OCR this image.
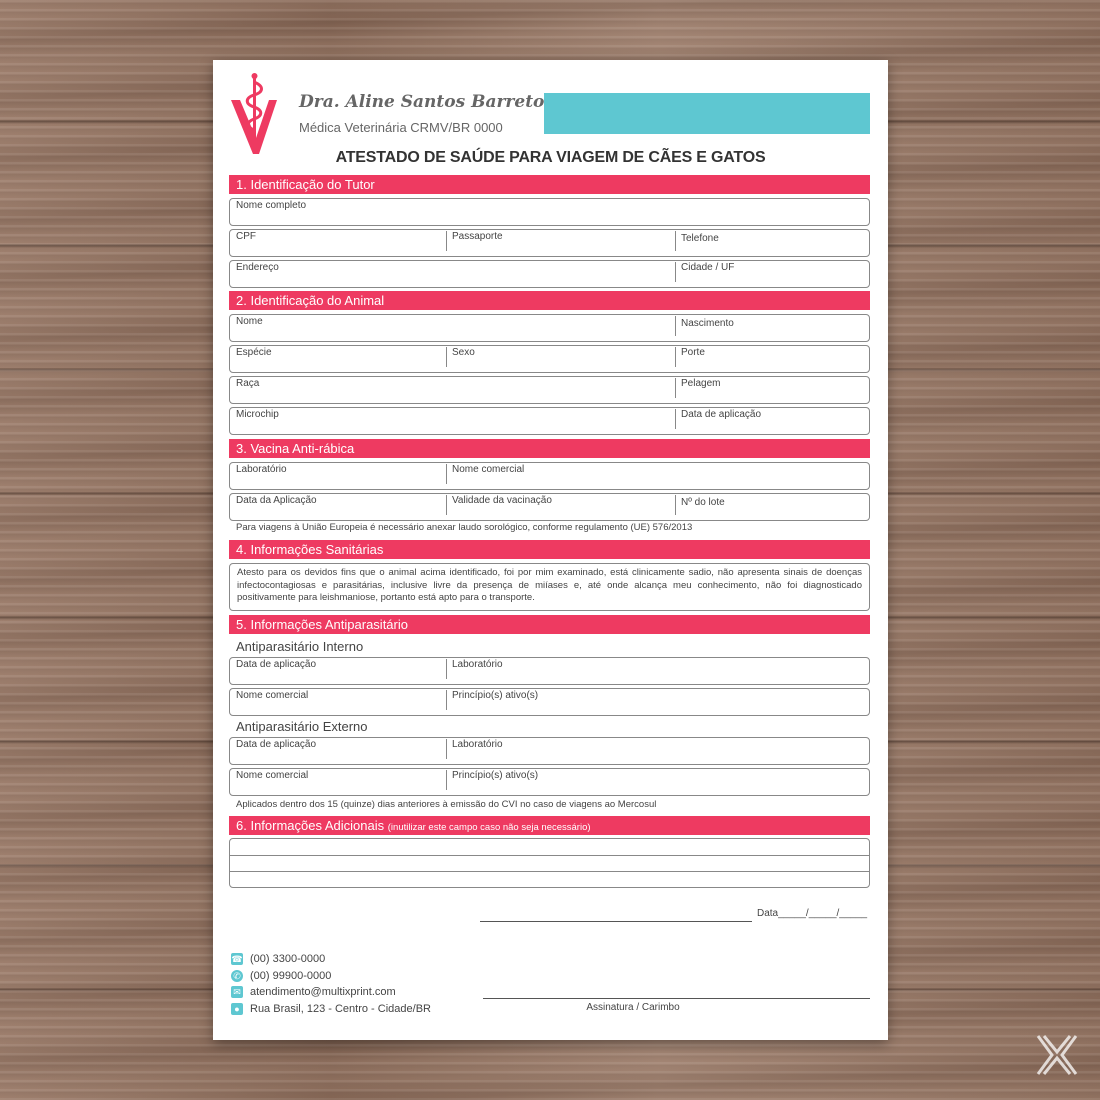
Dra. Aline Santos Barreto
Médica Veterinária CRMV/BR 0000
ATESTADO DE SAÚDE PARA VIAGEM DE CÃES E GATOS
1. Identificação do Tutor
Nome completo
CPF	Passaporte	Telefone
Endereço	Cidade / UF
2. Identificação do Animal
Nome	Nascimento
Espécie	Sexo	Porte
Raça	Pelagem
Microchip	Data de aplicação
3. Vacina Anti-rábica
Laboratório	Nome comercial
Data da Aplicação	Validade da vacinação	Nº do lote
Para viagens à União Europeia é necessário anexar laudo sorológico, conforme regulamento (UE) 576/2013
4. Informações Sanitárias
Atesto para os devidos fins que o animal acima identificado, foi por mim examinado, está clinicamente sadio, não apresenta sinais de doenças infectocontagiosas e parasitárias, inclusive livre da presença de miíases e, até onde alcança meu conhecimento, não foi diagnosticado positivamente para leishmaniose, portanto está apto para o transporte.
5. Informações Antiparasitário
Antiparasitário Interno
Data de aplicação	Laboratório
Nome comercial	Princípio(s) ativo(s)
Antiparasitário Externo
Data de aplicação	Laboratório
Nome comercial	Princípio(s) ativo(s)
Aplicados dentro dos 15 (quinze) dias anteriores à emissão do CVI no caso de viagens ao Mercosul
6. Informações Adicionais (inutilizar este campo caso não seja necessário)
Data_____/_____/_____
Assinatura / Carimbo
☎ (00) 3300-0000
✆ (00) 99900-0000
✉ atendimento@multixprint.com
● Rua Brasil, 123 - Centro - Cidade/BR
